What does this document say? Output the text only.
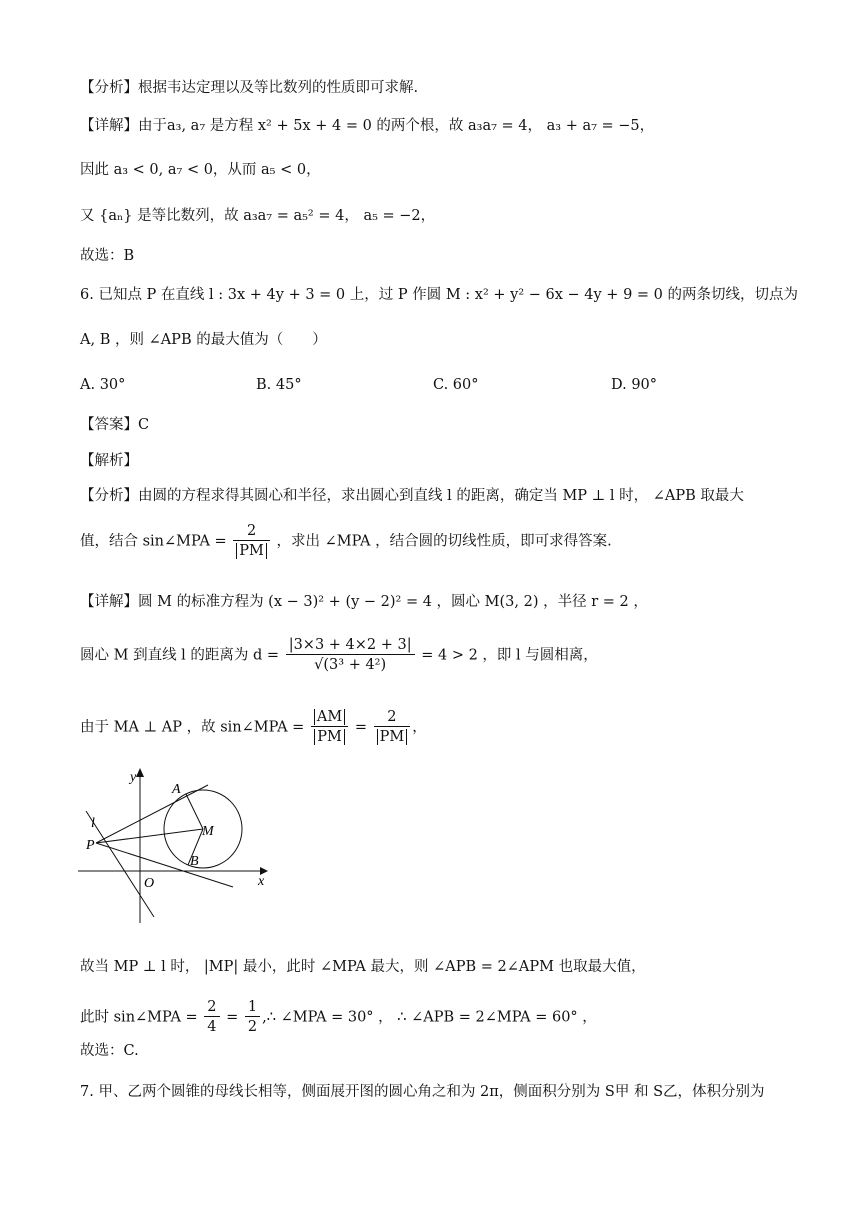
【分析】根据韦达定理以及等比数列的性质即可求解.
【详解】由于a₃, a₇ 是方程 x² + 5x + 4 = 0 的两个根，故 a₃a₇ = 4， a₃ + a₇ = −5，
因此 a₃ < 0, a₇ < 0，从而 a₅ < 0，
又 {aₙ} 是等比数列，故 a₃a₇ = a₅² = 4， a₅ = −2，
故选：B
6. 已知点 P 在直线 l : 3x + 4y + 3 = 0 上，过 P 作圆 M : x² + y² − 6x − 4y + 9 = 0 的两条切线，切点为
A, B ，则 ∠APB 的最大值为（　　）
A. 30°	B. 45°	C. 60°	D. 90°
【答案】C
【解析】
【分析】由圆的方程求得其圆心和半径，求出圆心到直线 l 的距离，确定当 MP ⊥ l 时， ∠APB 取最大
值，结合 sin∠MPA = $\frac{2}{PM}$ ，求出 ∠MPA ，结合圆的切线性质，即可求得答案.
【详解】圆 M 的标准方程为 (x − 3)² + (y − 2)² = 4 ，圆心 M(3, 2) ，半径 r = 2 ，
圆心 M 到直线 l 的距离为 $d = \frac{|3\times 3 + 4\times 2 + 3|}{\text{√(3³ + 4²)}} = 4 > 2$ ，即 l 与圆相离，
由于 MA ⊥ AP ，故 sin∠MPA = $\frac{AM}{PM} = \frac{2}{PM}$ ，
y
x
A
M
l
P
B
O
故当 MP ⊥ l 时， |MP| 最小，此时 ∠MPA 最大，则 ∠APB = 2∠APM 也取最大值，
此时 sin∠MPA = $\frac{2}{4} = \frac{1}{2}$ ,∴ ∠MPA = 30° ， ∴ ∠APB = 2∠MPA = 60° ，
故选：C.
7. 甲、乙两个圆锥的母线长相等，侧面展开图的圆心角之和为 2π，侧面积分别为 S甲 和 S乙，体积分别为
